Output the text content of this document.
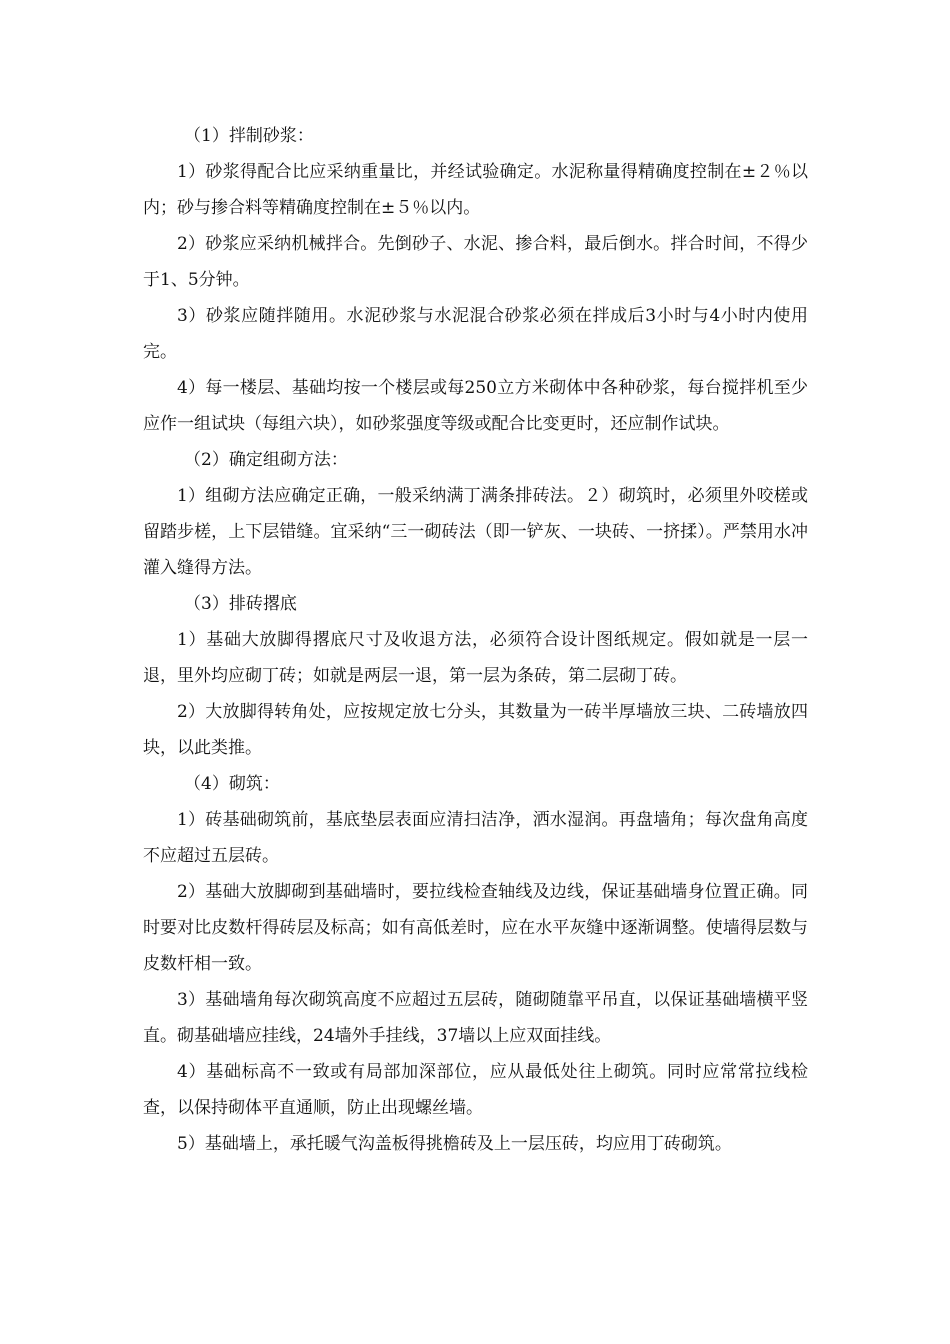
（1）拌制砂浆：

1）砂浆得配合比应采纳重量比，并经试验确定。水泥称量得精确度控制在±２％以内；砂与掺合料等精确度控制在±５％以内。

2）砂浆应采纳机械拌合。先倒砂子、水泥、掺合料，最后倒水。拌合时间，不得少于1、5分钟。

3）砂浆应随拌随用。水泥砂浆与水泥混合砂浆必须在拌成后3小时与4小时内使用完。

4）每一楼层、基础均按一个楼层或每250立方米砌体中各种砂浆，每台搅拌机至少应作一组试块（每组六块），如砂浆强度等级或配合比变更时，还应制作试块。

（2）确定组砌方法：

1）组砌方法应确定正确，一般采纳满丁满条排砖法。２）砌筑时，必须里外咬槎或留踏步槎，上下层错缝。宜采纳“三一砌砖法（即一铲灰、一块砖、一挤揉）。严禁用水冲灌入缝得方法。

（3）排砖撂底

1）基础大放脚得撂底尺寸及收退方法，必须符合设计图纸规定。假如就是一层一退，里外均应砌丁砖；如就是两层一退，第一层为条砖，第二层砌丁砖。

2）大放脚得转角处，应按规定放七分头，其数量为一砖半厚墙放三块、二砖墙放四块，以此类推。

（4）砌筑：

1）砖基础砌筑前，基底垫层表面应清扫洁净，洒水湿润。再盘墙角；每次盘角高度不应超过五层砖。

2）基础大放脚砌到基础墙时，要拉线检查轴线及边线，保证基础墙身位置正确。同时要对比皮数杆得砖层及标高；如有高低差时，应在水平灰缝中逐渐调整。使墙得层数与皮数杆相一致。

3）基础墙角每次砌筑高度不应超过五层砖，随砌随靠平吊直，以保证基础墙横平竖直。砌基础墙应挂线，24墙外手挂线，37墙以上应双面挂线。

4）基础标高不一致或有局部加深部位，应从最低处往上砌筑。同时应常常拉线检查，以保持砌体平直通顺，防止出现螺丝墙。

5）基础墙上，承托暖气沟盖板得挑檐砖及上一层压砖，均应用丁砖砌筑。
